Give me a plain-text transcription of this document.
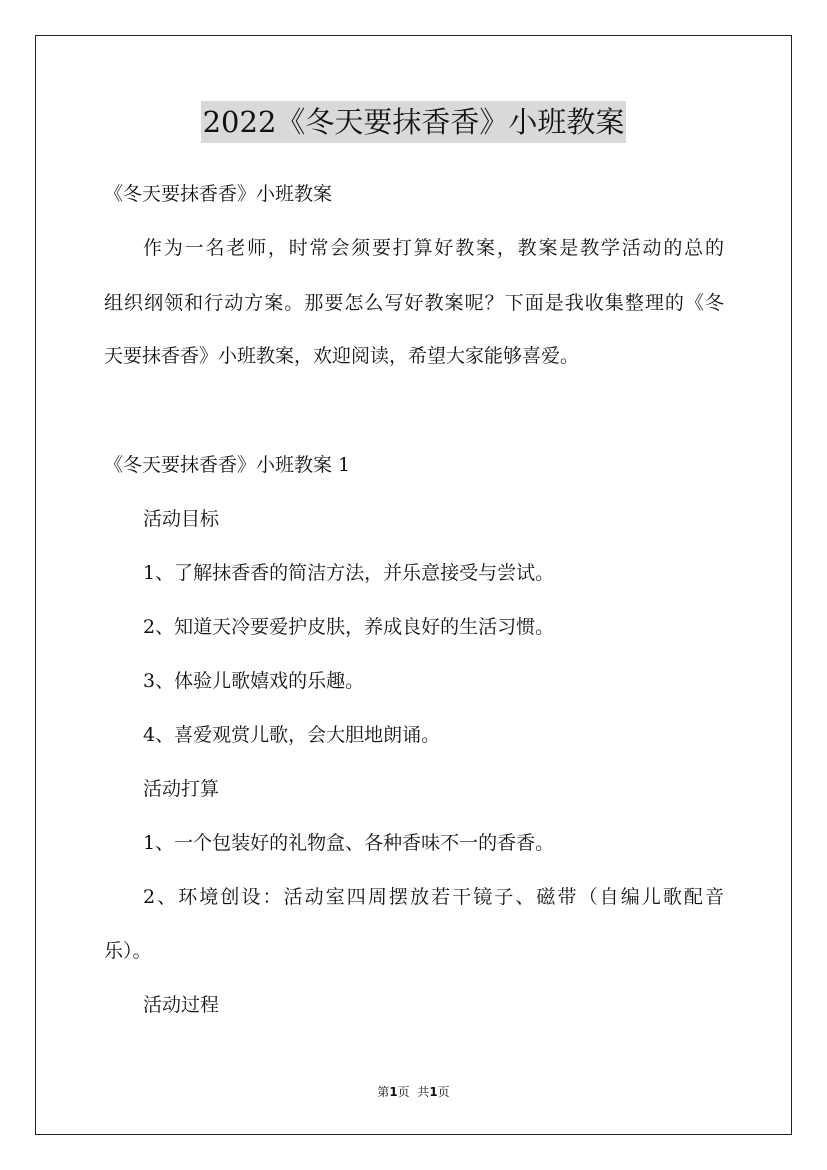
2022《冬天要抹香香》小班教案
《冬天要抹香香》小班教案
作为一名老师，时常会须要打算好教案，教案是教学活动的总的
组织纲领和行动方案。那要怎么写好教案呢？下面是我收集整理的《冬
天要抹香香》小班教案，欢迎阅读，希望大家能够喜爱。
《冬天要抹香香》小班教案 1
活动目标
1、了解抹香香的简洁方法，并乐意接受与尝试。
2、知道天冷要爱护皮肤，养成良好的生活习惯。
3、体验儿歌嬉戏的乐趣。
4、喜爱观赏儿歌，会大胆地朗诵。
活动打算
1、一个包装好的礼物盒、各种香味不一的香香。
2、环境创设：活动室四周摆放若干镜子、磁带（自编儿歌配音
乐）。
活动过程
第1页  共1页
